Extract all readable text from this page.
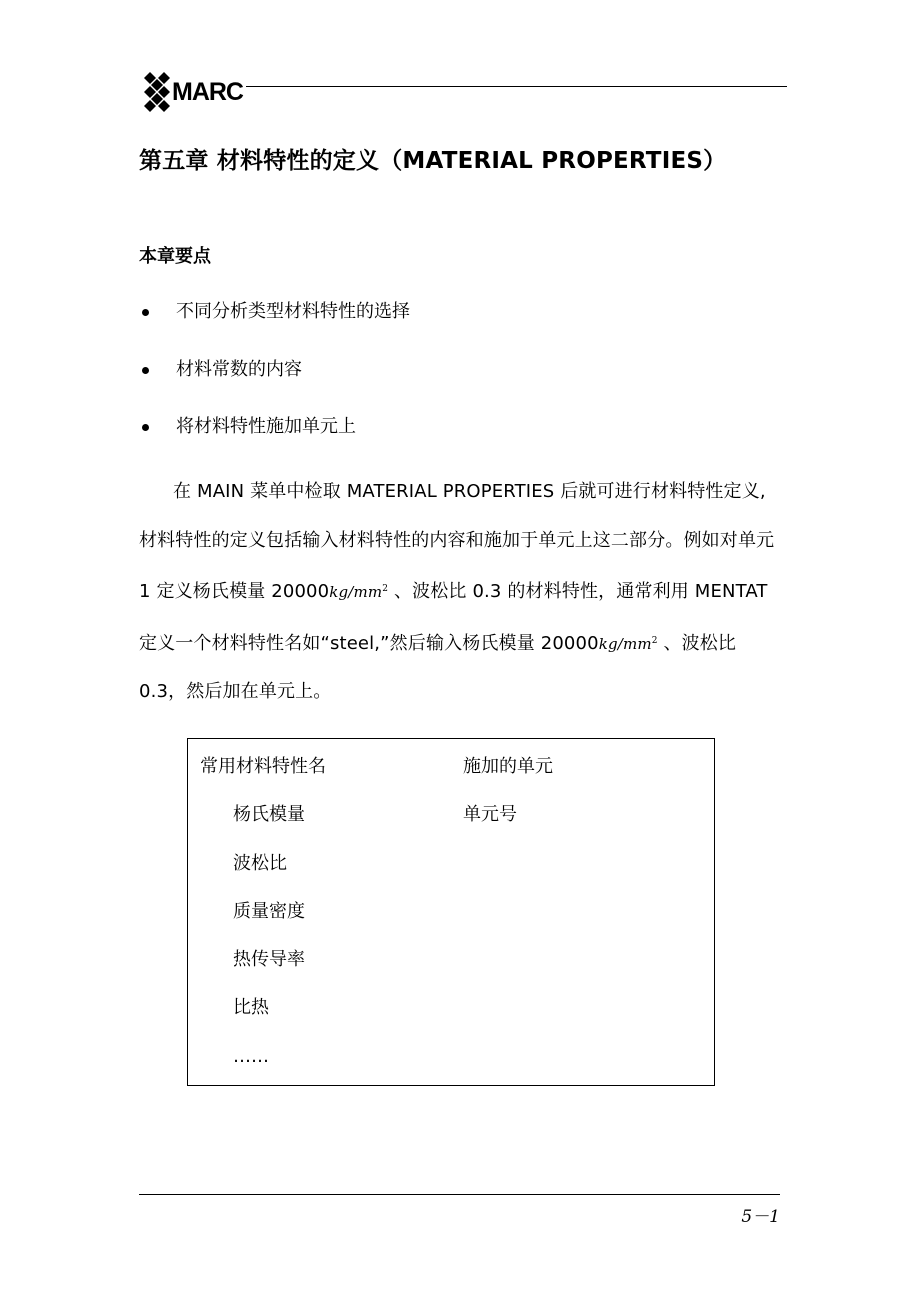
MARC
第五章 材料特性的定义（MATERIAL PROPERTIES）
本章要点
不同分析类型材料特性的选择
材料常数的内容
将材料特性施加单元上

在 MAIN 菜单中检取 MATERIAL PROPERTIES 后就可进行材料特性定义, 材料特性的定义包括输入材料特性的内容和施加于单元上这二部分。例如对单元 1 定义杨氏模量 $20000kg/mm^2$ 、波松比 0.3 的材料特性，通常利用 MENTAT 定义一个材料特性名如“steel,”然后输入杨氏模量 $20000kg/mm^2$ 、波松比 0.3，然后加在单元上。

常用材料特性名
杨氏模量
波松比
质量密度
热传导率
比热
……
施加的单元
单元号
5－1
